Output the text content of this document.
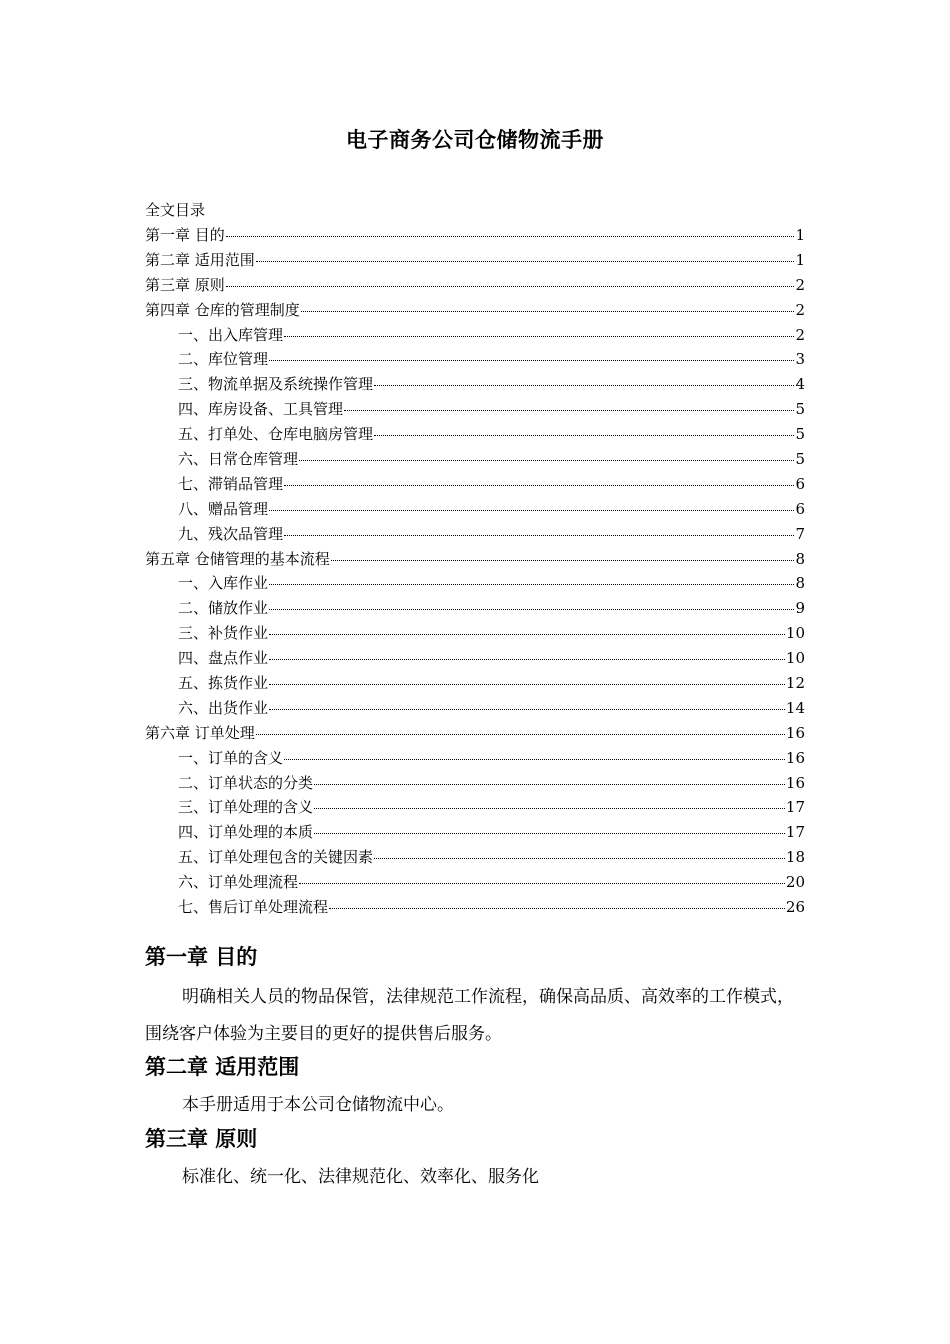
电子商务公司仓储物流手册
全文目录
第一章 目的	1
第二章 适用范围	1
第三章 原则	2
第四章 仓库的管理制度	2
一、出入库管理	2
二、库位管理	3
三、物流单据及系统操作管理	4
四、库房设备、工具管理	5
五、打单处、仓库电脑房管理	5
六、日常仓库管理	5
七、滞销品管理	6
八、赠品管理	6
九、残次品管理	7
第五章 仓储管理的基本流程	8
一、入库作业	8
二、储放作业	9
三、补货作业	10
四、盘点作业	10
五、拣货作业	12
六、出货作业	14
第六章 订单处理	16
一、订单的含义	16
二、订单状态的分类	16
三、订单处理的含义	17
四、订单处理的本质	17
五、订单处理包含的关键因素	18
六、订单处理流程	20
七、售后订单处理流程	26
第一章 目的
明确相关人员的物品保管，法律规范工作流程，确保高品质、高效率的工作模式，围绕客户体验为主要目的更好的提供售后服务。
第二章 适用范围
本手册适用于本公司仓储物流中心。
第三章 原则
标准化、统一化、法律规范化、效率化、服务化
